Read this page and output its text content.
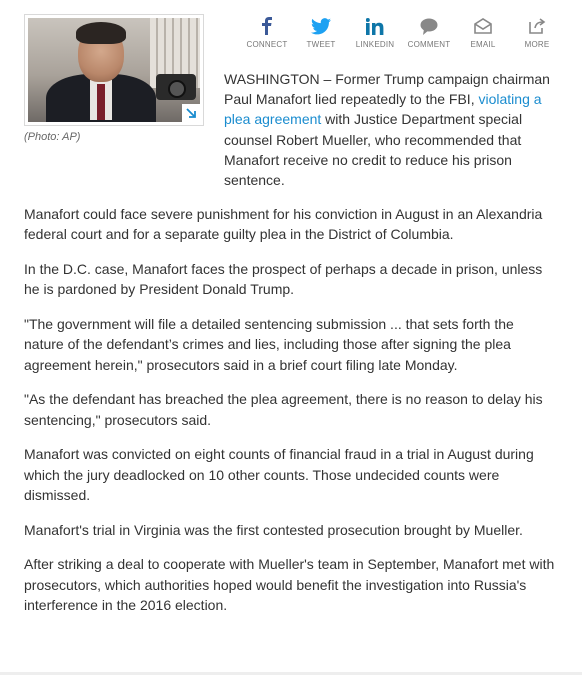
(Photo: AP)
CONNECT TWEET	LINKEDIN COMMENT	EMAIL	MORE

WASHINGTON – Former Trump campaign chairman Paul Manafort lied repeatedly to the FBI, violating a plea agreement with Justice Department special counsel Robert Mueller, who recommended that Manafort receive no credit to reduce his prison sentence.

Manafort could face severe punishment for his conviction in August in an Alexandria federal court and for a separate guilty plea in the District of Columbia.

In the D.C. case, Manafort faces the prospect of perhaps a decade in prison, unless he is pardoned by President Donald Trump.

"The government will file a detailed sentencing submission ... that sets forth the nature of the defendant’s crimes and lies, including those after signing the plea agreement herein," prosecutors said in a brief court filing late Monday.

"As the defendant has breached the plea agreement, there is no reason to delay his sentencing," prosecutors said.

Manafort was convicted on eight counts of financial fraud in a trial in August during which the jury deadlocked on 10 other counts. Those undecided counts were dismissed.

Manafort's trial in Virginia was the first contested prosecution brought by Mueller.

After striking a deal to cooperate with Mueller's team in September, Manafort met with prosecutors, which authorities hoped would benefit the investigation into Russia's interference in the 2016 election.
